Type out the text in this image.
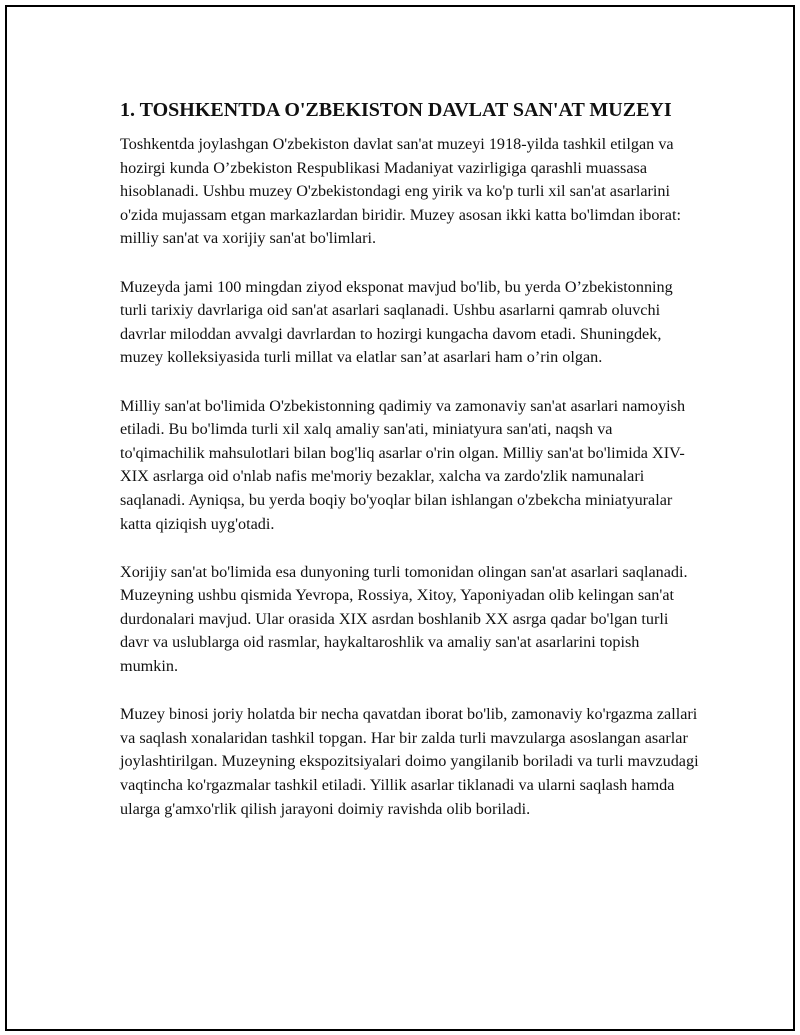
1. TOSHKENTDA O'ZBEKISTON DAVLAT SAN'AT MUZEYI

Toshkentda joylashgan O'zbekiston davlat san'at muzeyi 1918-yilda tashkil etilgan va hozirgi kunda O’zbekiston Respublikasi Madaniyat vazirligiga qarashli muassasa hisoblanadi. Ushbu muzey O'zbekistondagi eng yirik va ko'p turli xil san'at asarlarini o'zida mujassam etgan markazlardan biridir. Muzey asosan ikki katta bo'limdan iborat: milliy san'at va xorijiy san'at bo'limlari.

Muzeyda jami 100 mingdan ziyod eksponat mavjud bo'lib, bu yerda O’zbekistonning turli tarixiy davrlariga oid san'at asarlari saqlanadi. Ushbu asarlarni qamrab oluvchi davrlar miloddan avvalgi davrlardan to hozirgi kungacha davom etadi. Shuningdek, muzey kolleksiyasida turli millat va elatlar san’at asarlari ham o’rin olgan.

Milliy san'at bo'limida O'zbekistonning qadimiy va zamonaviy san'at asarlari namoyish etiladi. Bu bo'limda turli xil xalq amaliy san'ati, miniatyura san'ati, naqsh va to'qimachilik mahsulotlari bilan bog'liq asarlar o'rin olgan. Milliy san'at bo'limida XIV-XIX asrlarga oid o'nlab nafis me'moriy bezaklar, xalcha va zardo'zlik namunalari saqlanadi. Ayniqsa, bu yerda boqiy bo'yoqlar bilan ishlangan o'zbekcha miniatyuralar katta qiziqish uyg'otadi.

Xorijiy san'at bo'limida esa dunyoning turli tomonidan olingan san'at asarlari saqlanadi. Muzeyning ushbu qismida Yevropa, Rossiya, Xitoy, Yaponiyadan olib kelingan san'at durdonalari mavjud. Ular orasida XIX asrdan boshlanib XX asrga qadar bo'lgan turli davr va uslublarga oid rasmlar, haykaltaroshlik va amaliy san'at asarlarini topish mumkin.

Muzey binosi joriy holatda bir necha qavatdan iborat bo'lib, zamonaviy ko'rgazma zallari va saqlash xonalaridan tashkil topgan. Har bir zalda turli mavzularga asoslangan asarlar joylashtirilgan. Muzeyning ekspozitsiyalari doimo yangilanib boriladi va turli mavzudagi vaqtincha ko'rgazmalar tashkil etiladi. Yillik asarlar tiklanadi va ularni saqlash hamda ularga g'amxo'rlik qilish jarayoni doimiy ravishda olib boriladi.
